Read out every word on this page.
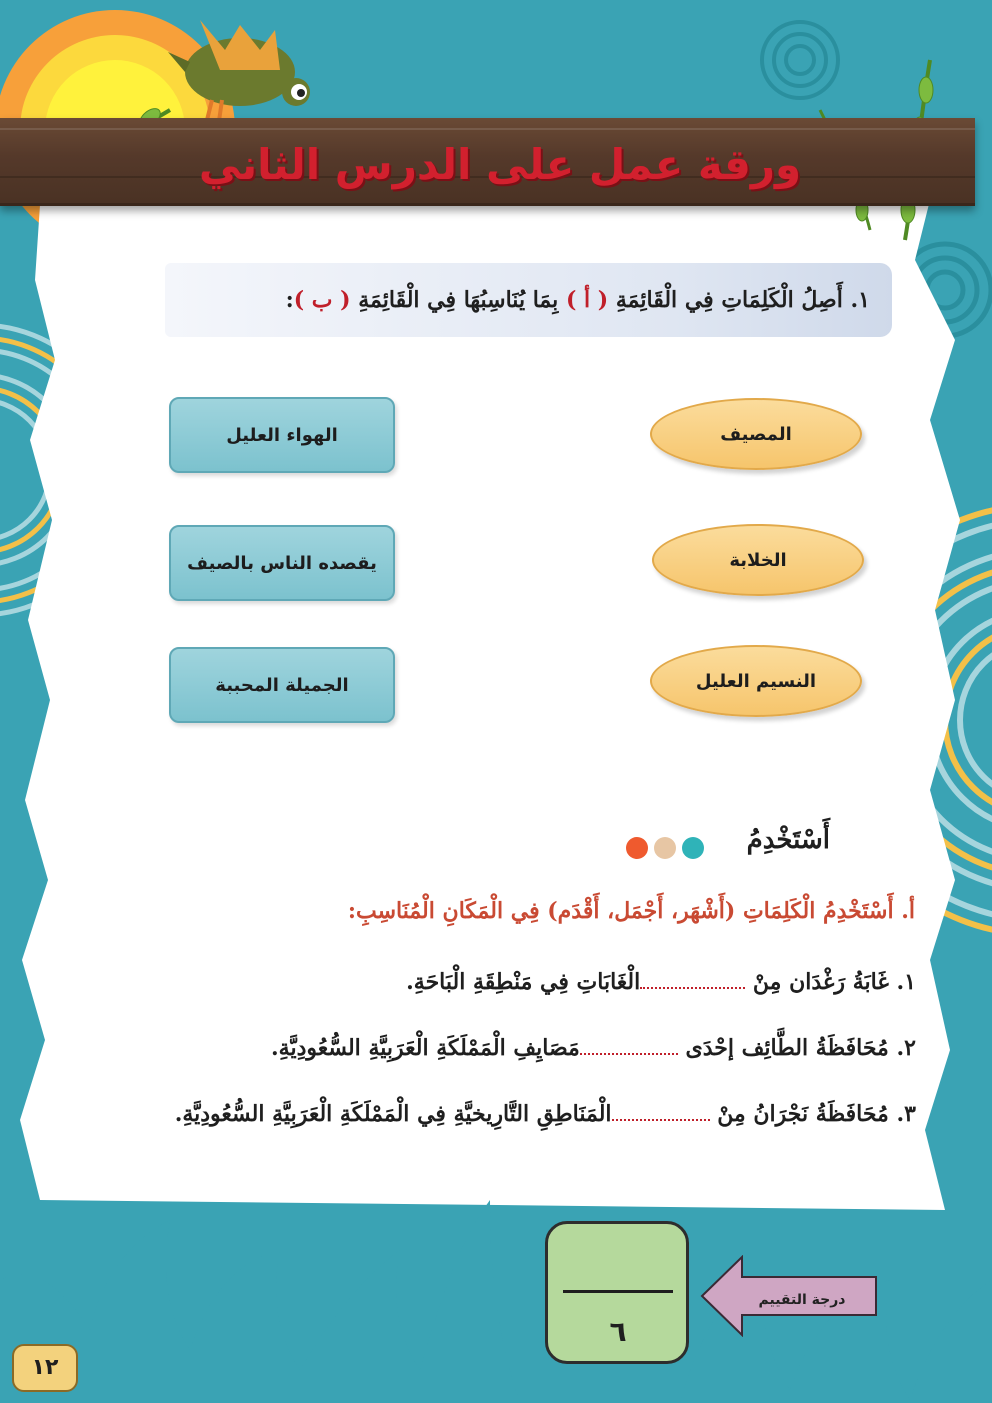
ورقة عمل على الدرس الثاني
١. أَصِلُ الْكَلِمَاتِ فِي الْقَائِمَةِ ( أ ) بِمَا يُنَاسِبُهَا فِي الْقَائِمَةِ ( ب ):
المصيف
الخلابة
النسيم العليل
الهواء العليل
يقصده الناس بالصيف
الجميلة المحببة
أَسْتَخْدِمُ
أ. أَسْتَخْدِمُ الْكَلِمَاتِ (أَشْهَر، أَجْمَل، أَقْدَم) فِي الْمَكَانِ الْمُنَاسِبِ:
١. غَابَةُ رَغْدَان مِنْ الْغَابَاتِ فِي مَنْطِقَةِ الْبَاحَةِ.
٢. مُحَافَظَةُ الطَّائِف إحْدَى مَصَايِفِ الْمَمْلَكَةِ الْعَرَبِيَّةِ السُّعُودِيَّةِ.
٣. مُحَافَظَةُ نَجْرَانُ مِنْ الْمَنَاطِقِ التَّارِيخيَّةِ فِي الْمَمْلَكَةِ الْعَرَبِيَّةِ السُّعُودِيَّةِ.
درجة التقييم
٦
١٢
